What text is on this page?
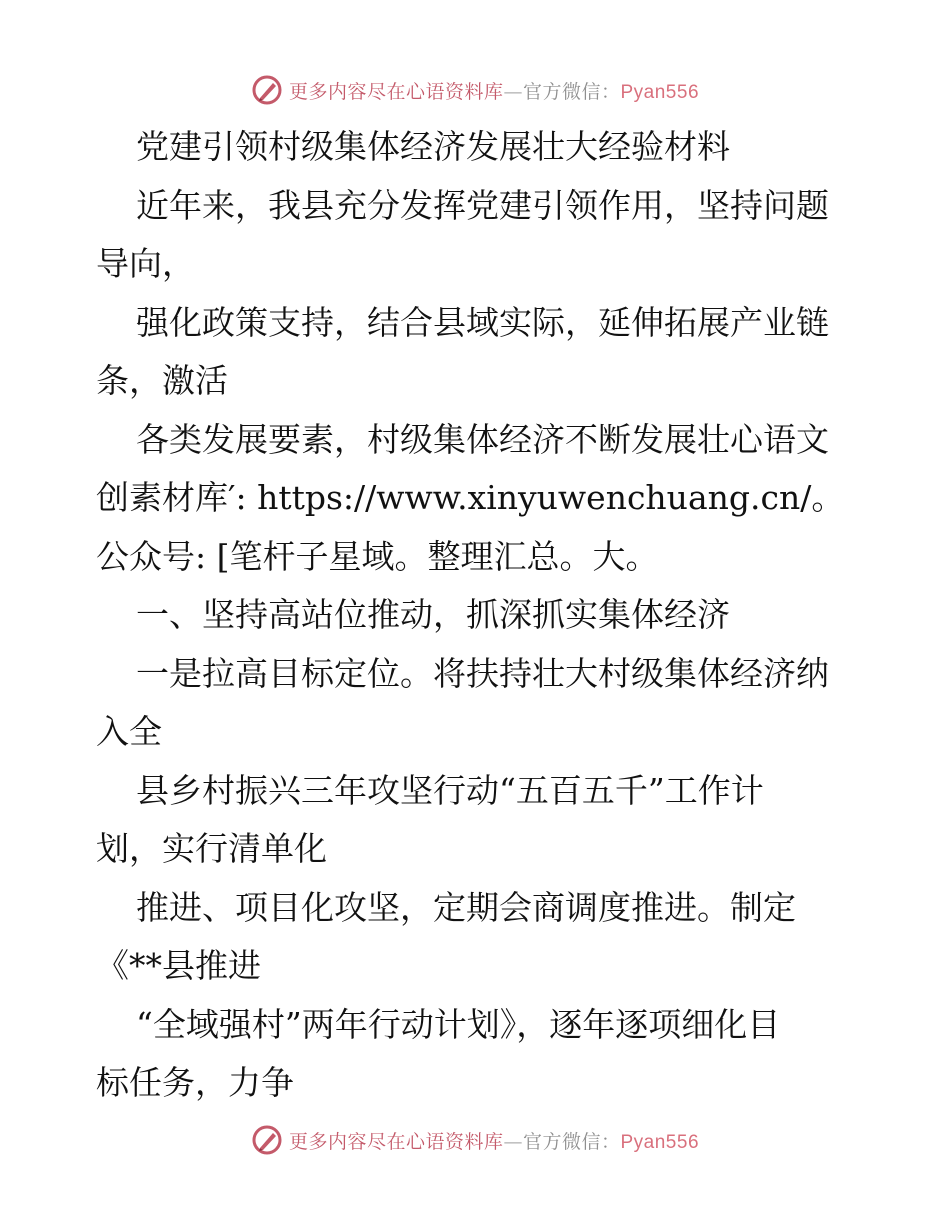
更多内容尽在心语资料库—官方微信：Pyan556
党建引领村级集体经济发展壮大经验材料
近年来，我县充分发挥党建引领作用，坚持问题
导向，
强化政策支持，结合县域实际，延伸拓展产业链
条，激活
各类发展要素，村级集体经济不断发展壮心语文
创素材库′: https://www.xinyuwenchuang.cn/。
公众号: [笔杆子星域。整理汇总。大。
一、坚持高站位推动，抓深抓实集体经济
一是拉高目标定位。将扶持壮大村级集体经济纳
入全
县乡村振兴三年攻坚行动“五百五千”工作计
划，实行清单化
推进、项目化攻坚，定期会商调度推进。制定
《**县推进
“全域强村”两年行动计划》，逐年逐项细化目
标任务，力争
更多内容尽在心语资料库—官方微信：Pyan556
